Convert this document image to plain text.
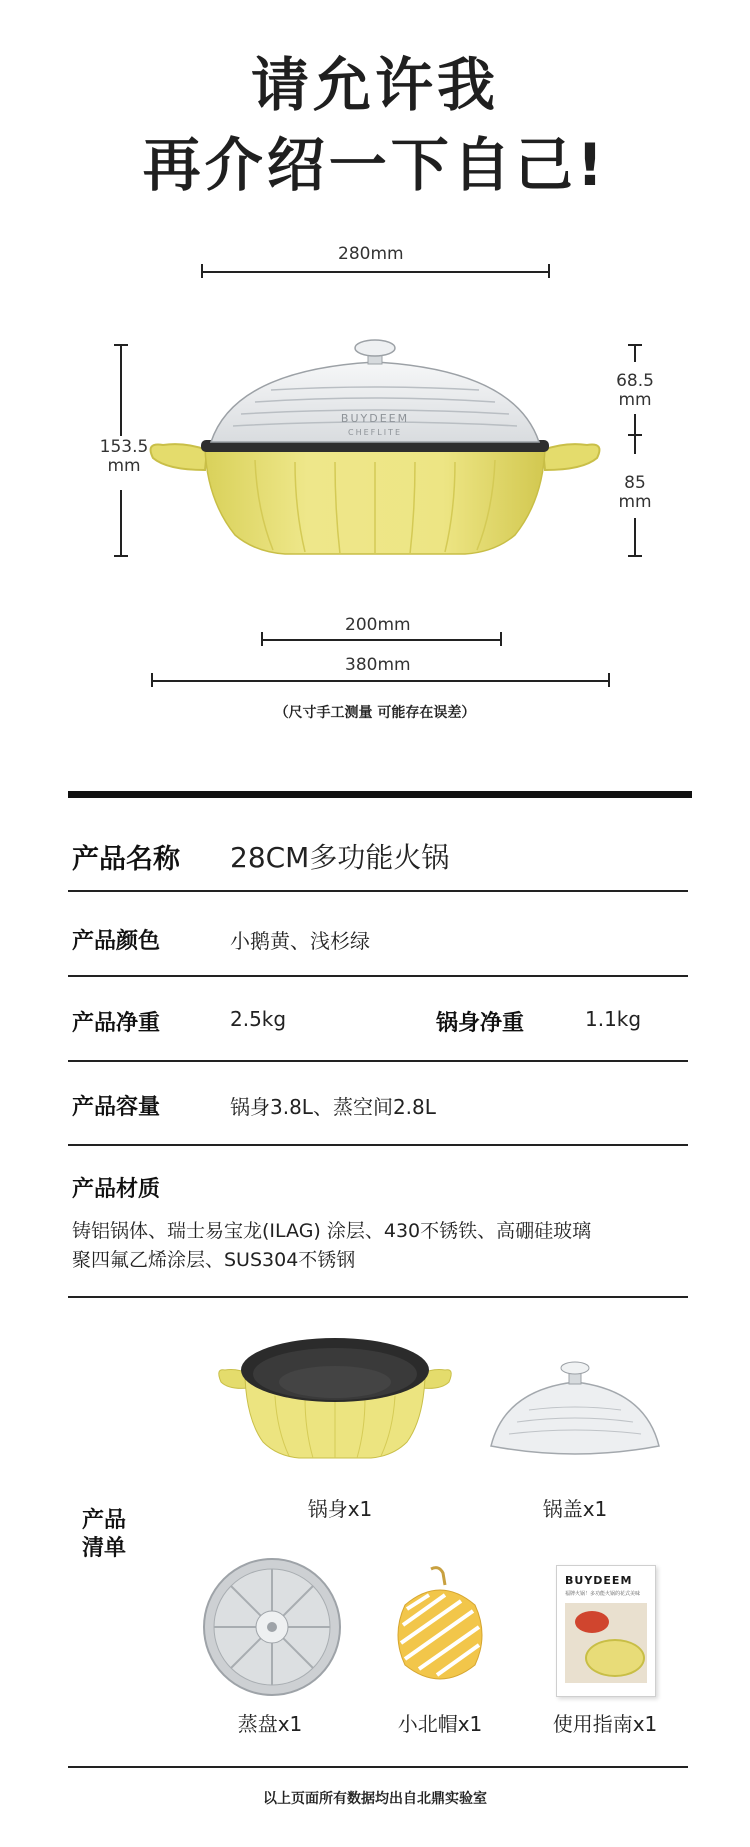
请允许我
再介绍一下自己!
280mm
153.5
mm
68.5
mm
85
mm
BUYDEEM
CHEFLITE
200mm
380mm
（尺寸手工测量 可能存在误差）
产品名称 28CM多功能火锅
产品颜色	小鹅黄、浅杉绿
产品净重	2.5kg	锅身净重	1.1kg
产品容量	锅身3.8L、蒸空间2.8L
产品材质
铸铝锅体、瑞士易宝龙(ILAG) 涂层、430不锈铁、高硼硅玻璃
聚四氟乙烯涂层、SUS304不锈钢
产品
清单
锅身x1	锅盖x1
BUYDEEM
福牌火锅！多功能火锅的花式美味
蒸盘x1	小北帽x1	使用指南x1
以上页面所有数据均出自北鼎实验室
